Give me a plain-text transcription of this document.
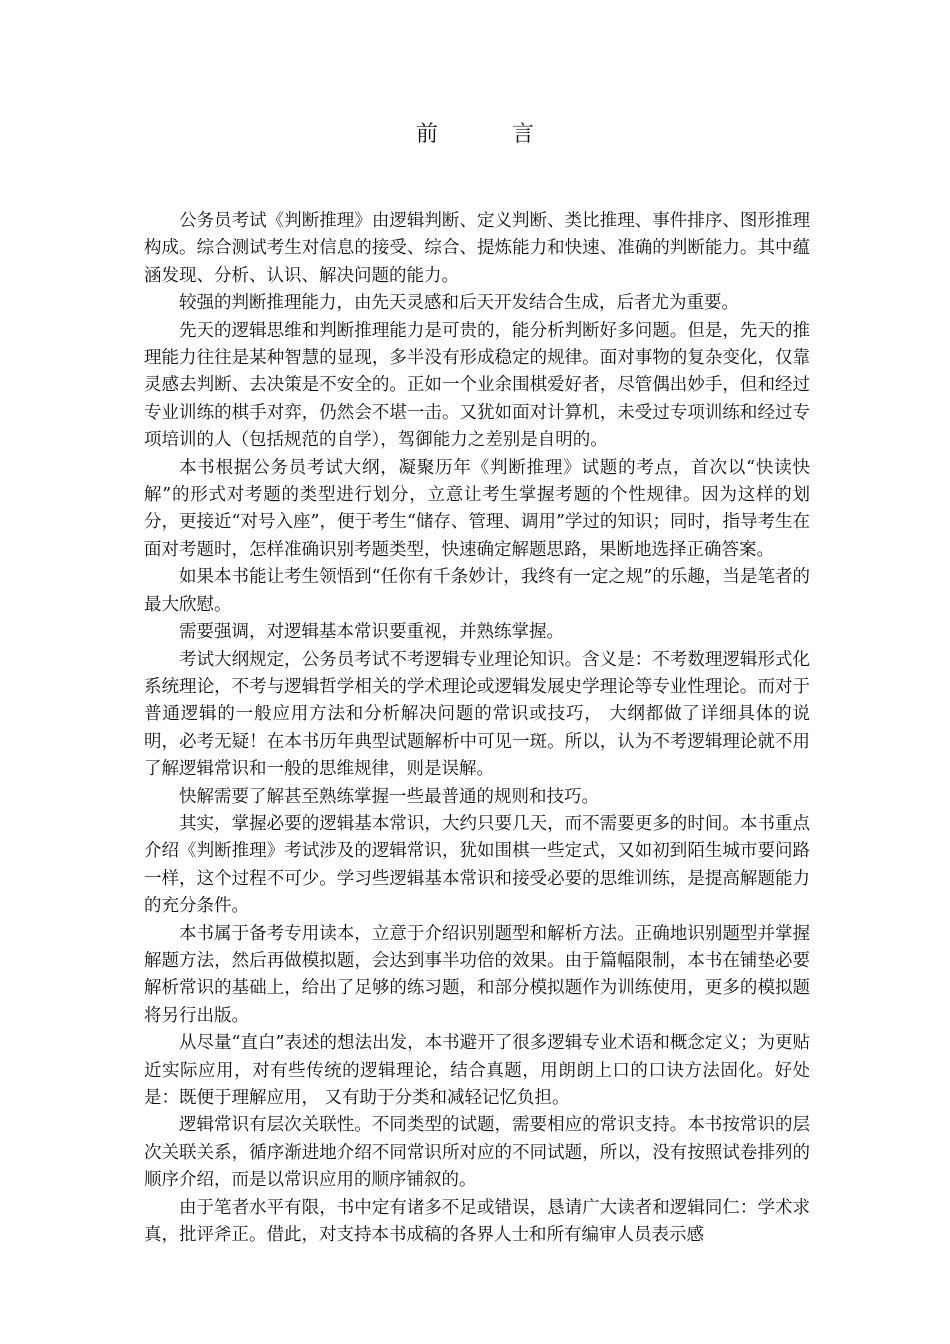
前　言

公务员考试《判断推理》由逻辑判断、定义判断、类比推理、事件排序、图形推理构成。综合测试考生对信息的接受、综合、提炼能力和快速、准确的判断能力。其中蕴涵发现、分析、认识、解决问题的能力。

较强的判断推理能力，由先天灵感和后天开发结合生成，后者尤为重要。

先天的逻辑思维和判断推理能力是可贵的，能分析判断好多问题。但是，先天的推理能力往往是某种智慧的显现，多半没有形成稳定的规律。面对事物的复杂变化，仅靠灵感去判断、去决策是不安全的。正如一个业余围棋爱好者，尽管偶出妙手，但和经过专业训练的棋手对弈，仍然会不堪一击。又犹如面对计算机，未受过专项训练和经过专项培训的人（包括规范的自学），驾御能力之差别是自明的。

本书根据公务员考试大纲，凝聚历年《判断推理》试题的考点，首次以“快读快解”的形式对考题的类型进行划分，立意让考生掌握考题的个性规律。因为这样的划分，更接近“对号入座”，便于考生“储存、管理、调用”学过的知识；同时，指导考生在面对考题时，怎样准确识别考题类型，快速确定解题思路，果断地选择正确答案。

如果本书能让考生领悟到“任你有千条妙计，我终有一定之规”的乐趣，当是笔者的最大欣慰。

需要强调，对逻辑基本常识要重视，并熟练掌握。

考试大纲规定，公务员考试不考逻辑专业理论知识。含义是：不考数理逻辑形式化系统理论，不考与逻辑哲学相关的学术理论或逻辑发展史学理论等专业性理论。而对于普通逻辑的一般应用方法和分析解决问题的常识或技巧， 大纲都做了详细具体的说明，必考无疑！在本书历年典型试题解析中可见一斑。所以，认为不考逻辑理论就不用了解逻辑常识和一般的思维规律，则是误解。

快解需要了解甚至熟练掌握一些最普通的规则和技巧。

其实，掌握必要的逻辑基本常识，大约只要几天，而不需要更多的时间。本书重点介绍《判断推理》考试涉及的逻辑常识，犹如围棋一些定式，又如初到陌生城市要问路一样，这个过程不可少。学习些逻辑基本常识和接受必要的思维训练，是提高解题能力的充分条件。

本书属于备考专用读本，立意于介绍识别题型和解析方法。正确地识别题型并掌握解题方法，然后再做模拟题，会达到事半功倍的效果。由于篇幅限制，本书在铺垫必要解析常识的基础上，给出了足够的练习题，和部分模拟题作为训练使用，更多的模拟题将另行出版。

从尽量“直白”表述的想法出发，本书避开了很多逻辑专业术语和概念定义；为更贴近实际应用，对有些传统的逻辑理论，结合真题，用朗朗上口的口诀方法固化。好处是：既便于理解应用， 又有助于分类和减轻记忆负担。

逻辑常识有层次关联性。不同类型的试题，需要相应的常识支持。本书按常识的层次关联关系，循序渐进地介绍不同常识所对应的不同试题，所以，没有按照试卷排列的顺序介绍，而是以常识应用的顺序铺叙的。

由于笔者水平有限，书中定有诸多不足或错误，恳请广大读者和逻辑同仁：学术求真，批评斧正。借此，对支持本书成稿的各界人士和所有编审人员表示感
